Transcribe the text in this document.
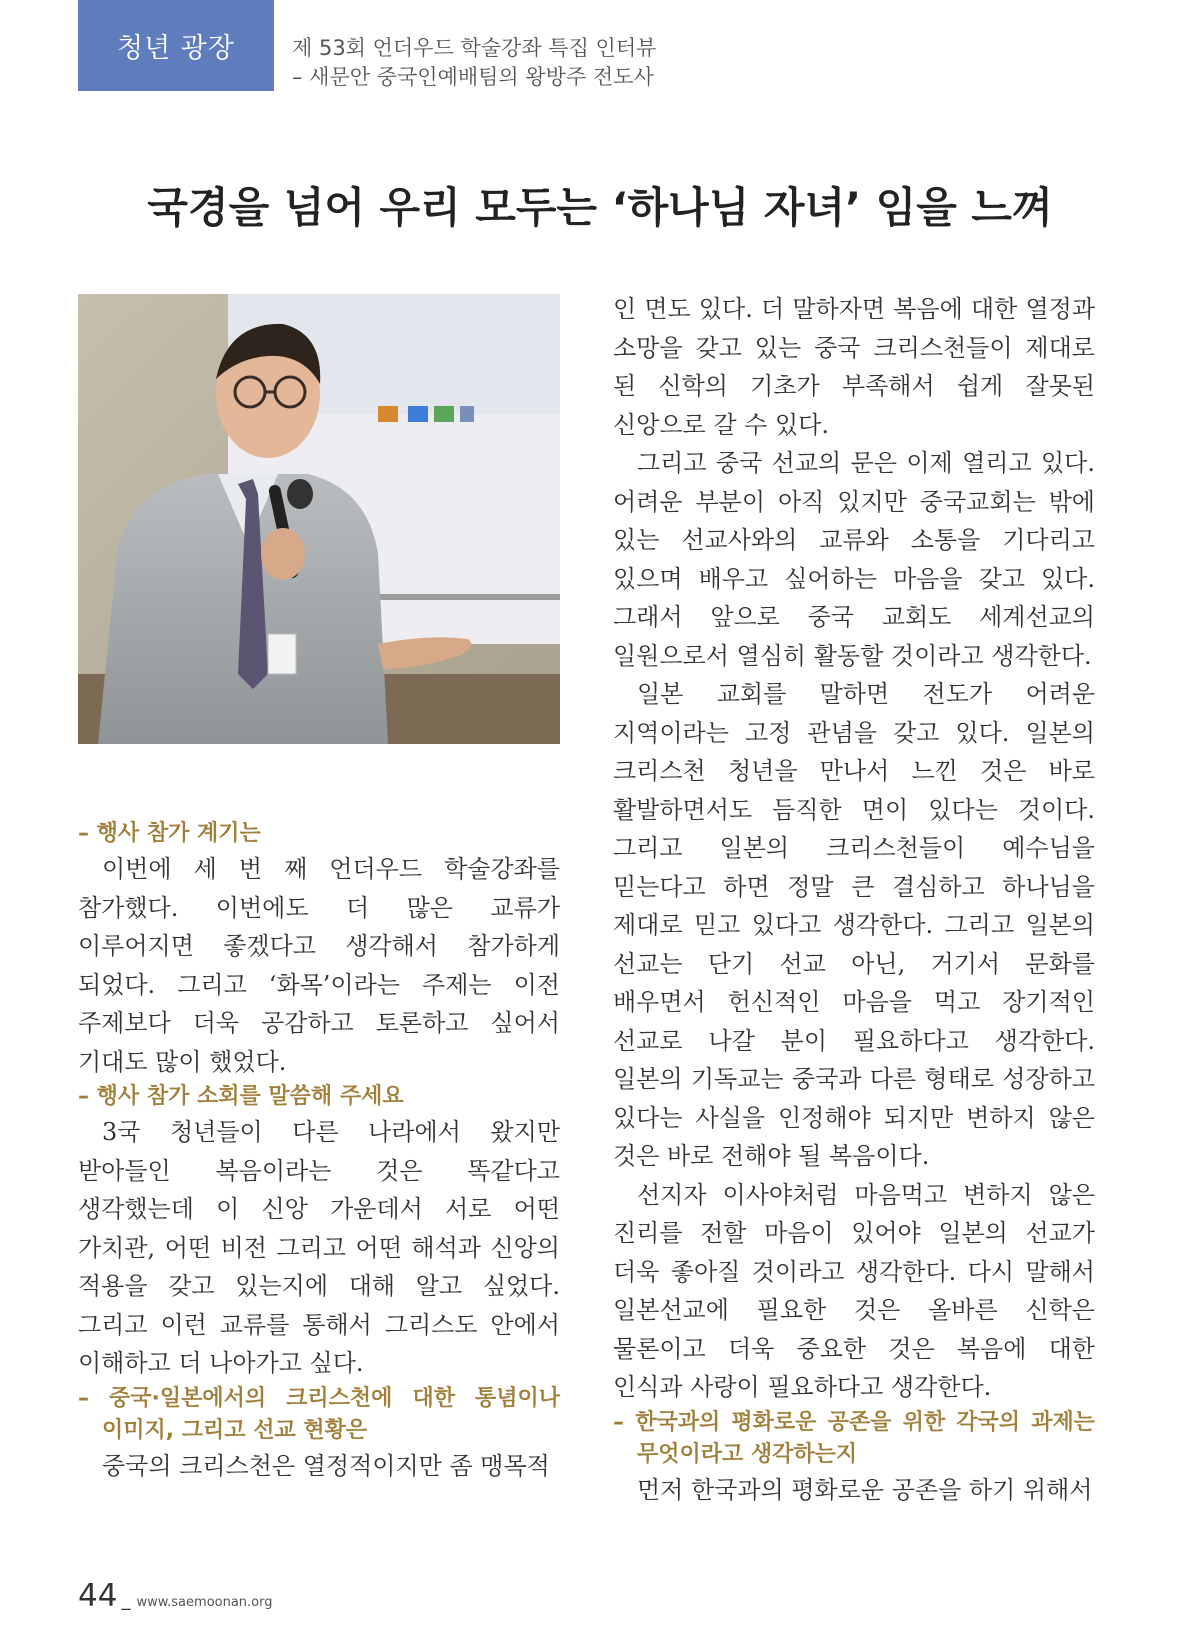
청년 광장	제 53회 언더우드 학술강좌 특집 인터뷰
– 새문안 중국인예배팀의 왕방주 전도사
국경을 넘어 우리 모두는 ‘하나님 자녀’ 임을 느껴

– 행사 참가 계기는

이번에 세 번 째 언더우드 학술강좌를 참가했다. 이번에도 더 많은 교류가 이루어지면 좋겠다고 생각해서 참가하게 되었다. 그리고 ‘화목’이라는 주제는 이전 주제보다 더욱 공감하고 토론하고 싶어서 기대도 많이 했었다.

– 행사 참가 소회를 말씀해 주세요

3국 청년들이 다른 나라에서 왔지만 받아들인 복음이라는 것은 똑같다고 생각했는데 이 신앙 가운데서 서로 어떤 가치관, 어떤 비전 그리고 어떤 해석과 신앙의 적용을 갖고 있는지에 대해 알고 싶었다. 그리고 이런 교류를 통해서 그리스도 안에서 이해하고 더 나아가고 싶다.

– 중국·일본에서의 크리스천에 대한 통념이나 이미지, 그리고 선교 현황은

중국의 크리스천은 열정적이지만 좀 맹목적

인 면도 있다. 더 말하자면 복음에 대한 열정과 소망을 갖고 있는 중국 크리스천들이 제대로 된 신학의 기초가 부족해서 쉽게 잘못된 신앙으로 갈 수 있다.

그리고 중국 선교의 문은 이제 열리고 있다. 어려운 부분이 아직 있지만 중국교회는 밖에 있는 선교사와의 교류와 소통을 기다리고 있으며 배우고 싶어하는 마음을 갖고 있다. 그래서 앞으로 중국 교회도 세계선교의 일원으로서 열심히 활동할 것이라고 생각한다.

일본 교회를 말하면 전도가 어려운 지역이라는 고정 관념을 갖고 있다. 일본의 크리스천 청년을 만나서 느낀 것은 바로 활발하면서도 듬직한 면이 있다는 것이다. 그리고 일본의 크리스천들이 예수님을 믿는다고 하면 정말 큰 결심하고 하나님을 제대로 믿고 있다고 생각한다. 그리고 일본의 선교는 단기 선교 아닌, 거기서 문화를 배우면서 헌신적인 마음을 먹고 장기적인 선교로 나갈 분이 필요하다고 생각한다. 일본의 기독교는 중국과 다른 형태로 성장하고 있다는 사실을 인정해야 되지만 변하지 않은 것은 바로 전해야 될 복음이다.

선지자 이사야처럼 마음먹고 변하지 않은 진리를 전할 마음이 있어야 일본의 선교가 더욱 좋아질 것이라고 생각한다. 다시 말해서 일본선교에 필요한 것은 올바른 신학은 물론이고 더욱 중요한 것은 복음에 대한 인식과 사랑이 필요하다고 생각한다.

– 한국과의 평화로운 공존을 위한 각국의 과제는 무엇이라고 생각하는지

먼저 한국과의 평화로운 공존을 하기 위해서

44 _ www.saemoonan.org
